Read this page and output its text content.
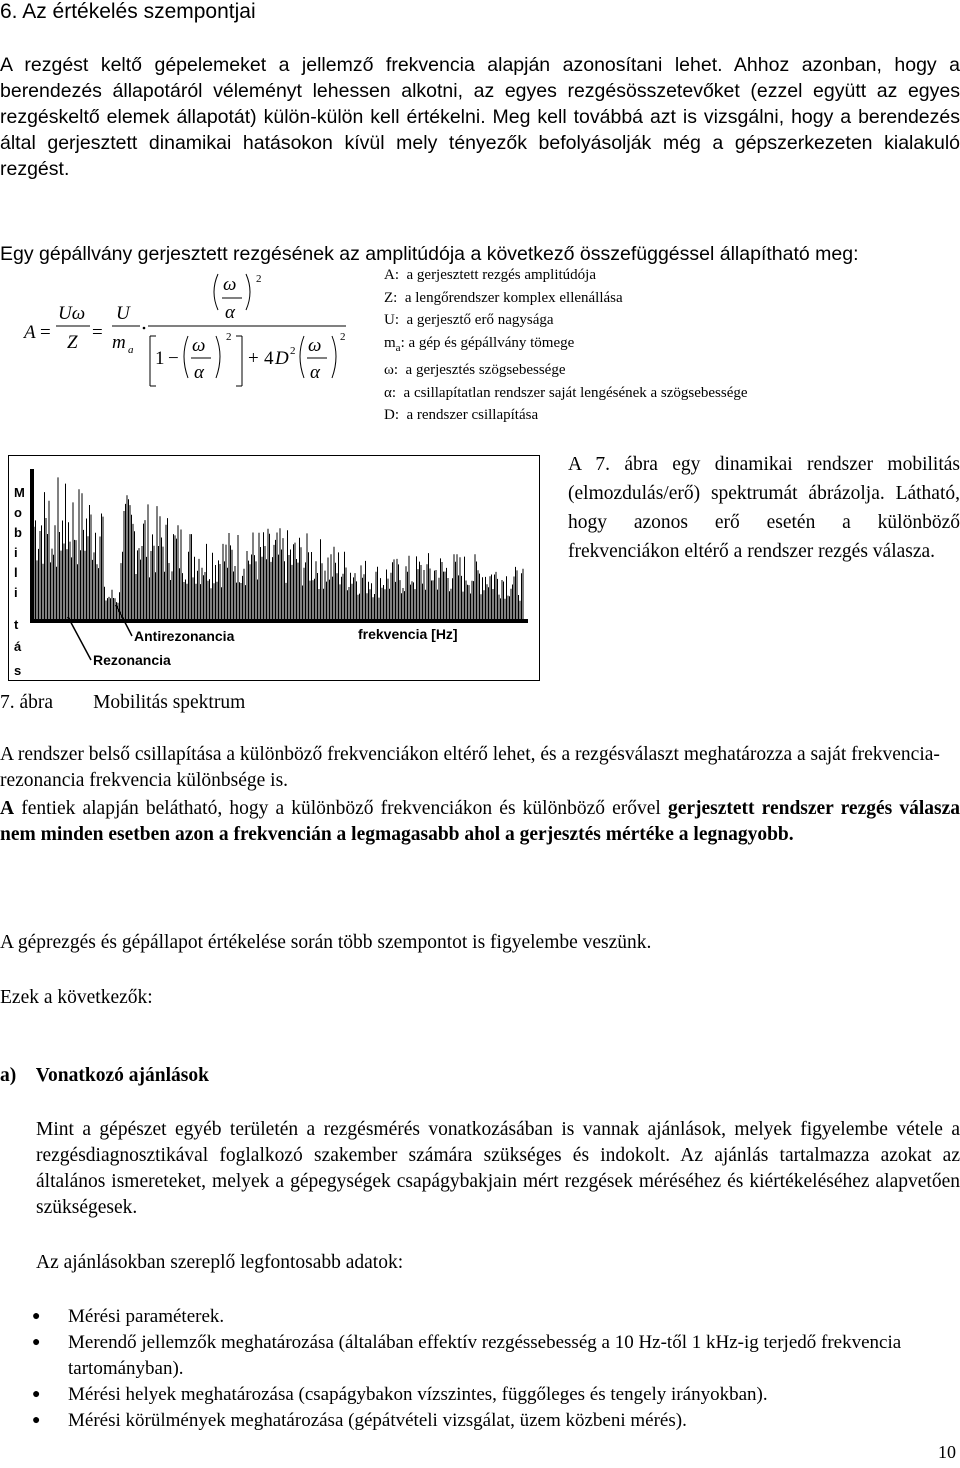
6. Az értékelés szempontjai
A rezgést keltő gépelemeket a jellemző frekvencia alapján azonosítani lehet. Ahhoz azonban, hogy a berendezés állapotáról véleményt lehessen alkotni, az egyes rezgésösszetevőket (ezzel együtt az egyes rezgéskeltő elemek állapotát) külön-külön kell értékelni. Meg kell továbbá azt is vizsgálni, hogy a berendezés által gerjesztett dinamikai hatásokon kívül mely tényezők befolyásolják még a gépszerkezeten kialakuló rezgést.
Egy gépállvány gerjesztett rezgésének az amplitúdója a következő összefüggéssel állapítható meg:
A =
Uω
Z =
U
m a
ω
α
2
1 −
ω
α
2
+ 4 D 2 ω
α
2
A: a gerjesztett rezgés amplitúdója
Z: a lengőrendszer komplex ellenállása
U: a gerjesztő erő nagysága
$m_a$: a gép és gépállvány tömege
ω: a gerjesztés szögsebessége
α: a csillapítatlan rendszer saját lengésének a szögsebessége
D: a rendszer csillapítása
M
o
b
i
l
i
t
á
s
Antirezonancia
Rezonancia
frekvencia [Hz]
A 7. ábra egy dinamikai rendszer mobilitás (elmozdulás/erő) spektrumát ábrázolja. Látható, hogy azonos erő esetén a különböző frekvenciákon eltérő a rendszer rezgés válasza.
7. ábra Mobilitás spektrum
A rendszer belső csillapítása a különböző frekvenciákon eltérő lehet, és a rezgésválaszt meghatározza a saját frekvencia-rezonancia frekvencia különbsége is.
A fentiek alapján belátható, hogy a különböző frekvenciákon és különböző erővel gerjesztett rendszer rezgés válasza nem minden esetben azon a frekvencián a legmagasabb ahol a gerjesztés mértéke a legnagyobb.
A géprezgés és gépállapot értékelése során több szempontot is figyelembe veszünk.
Ezek a következők:
a) Vonatkozó ajánlások
Mint a gépészet egyéb területén a rezgésmérés vonatkozásában is vannak ajánlások, melyek figyelembe vétele a rezgésdiagnosztikával foglalkozó szakember számára szükséges és indokolt. Az ajánlás tartalmazza azokat az általános ismereteket, melyek a gépegységek csapágybakjain mért rezgések méréséhez és kiértékeléséhez alapvetően szükségesek.
Az ajánlásokban szereplő legfontosabb adatok:
● Mérési paraméterek.
● Merendő jellemzők meghatározása (általában effektív rezgéssebesség a 10 Hz-től 1 kHz-ig terjedő frekvencia tartományban).
● Mérési helyek meghatározása (csapágybakon vízszintes, függőleges és tengely irányokban).
● Mérési körülmények meghatározása (gépátvételi vizsgálat, üzem közbeni mérés).
10
